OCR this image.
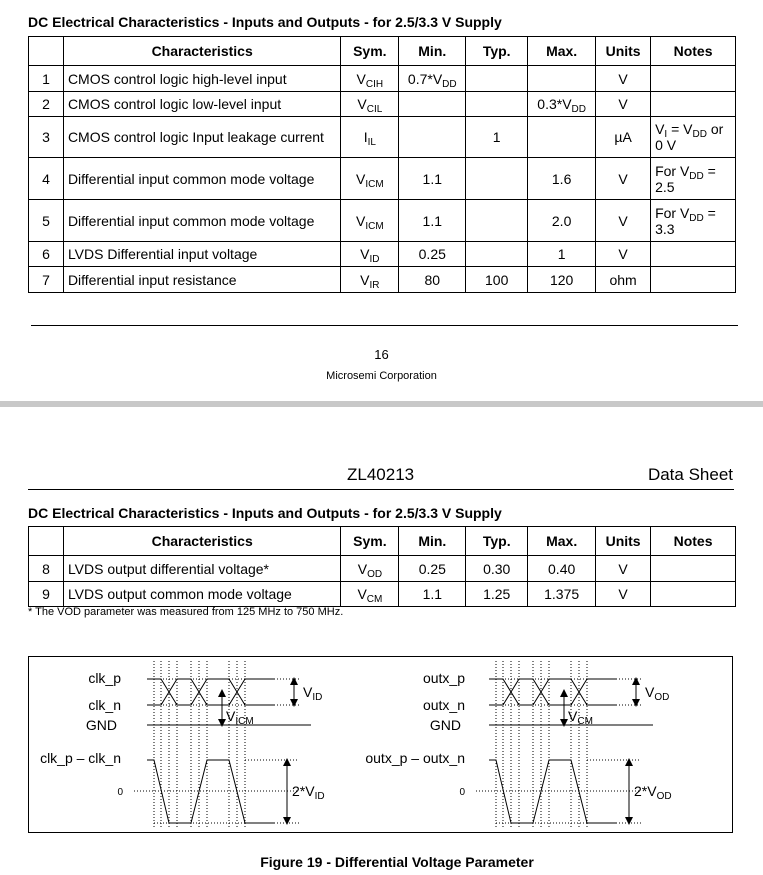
DC Electrical Characteristics - Inputs and Outputs - for 2.5/3.3 V Supply
	Characteristics	Sym.	Min.	Typ.	Max.	Units	Notes
1	CMOS control logic high-level input	$V_{CIH}$	$0.7*V_{DD}$			V	
2	CMOS control logic low-level input	$V_{CIL}$			$0.3*V_{DD}$	V	
3	CMOS control logic Input leakage current	$I_{IL}$		1		µA	$V_I = V_{DD}$ or 0 V
4	Differential input common mode voltage	$V_{ICM}$	1.1		1.6	V	For $V_{DD} = 2.5$
5	Differential input common mode voltage	$V_{ICM}$	1.1		2.0	V	For $V_{DD} = 3.3$
6	LVDS Differential input voltage	$V_{ID}$	0.25		1	V	
7	Differential input resistance	$V_{IR}$	80	100	120	ohm	
16
Microsemi Corporation
ZL40213	Data Sheet
DC Electrical Characteristics - Inputs and Outputs - for 2.5/3.3 V Supply
	Characteristics	Sym.	Min.	Typ.	Max.	Units	Notes
8	LVDS output differential voltage*	$V_{OD}$	0.25	0.30	0.40	V	
9	LVDS output common mode voltage	$V_{CM}$	1.1	1.25	1.375	V	
* The VOD parameter was measured from 125 MHz to 750 MHz.
clk_p
clk_n
GND
clk_p – clk_n
0
$V_{ID}$
$V_{ICM}$
$2*V_{ID}$
outx_p
outx_n
GND
outx_p – outx_n
0
$V_{OD}$
$V_{CM}$
$2*V_{OD}$
Figure 19 - Differential Voltage Parameter
